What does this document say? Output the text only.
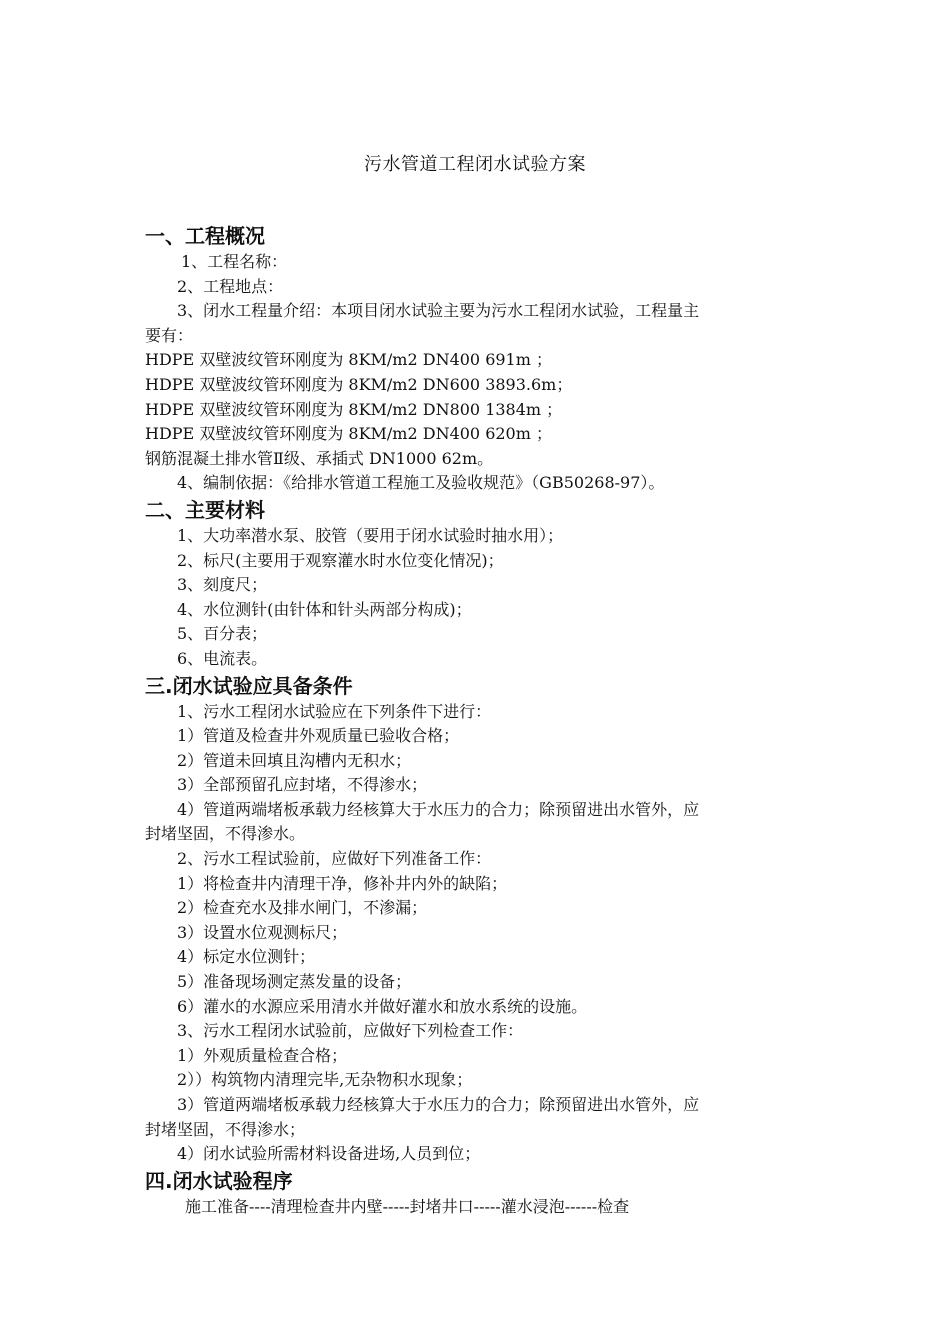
污水管道工程闭水试验方案
一、工程概况
1、工程名称：
2、工程地点：
3、闭水工程量介绍：本项目闭水试验主要为污水工程闭水试验，工程量主
要有：
HDPE 双壁波纹管环刚度为 8KM/m2 DN400 691m ；
HDPE 双壁波纹管环刚度为 8KM/m2 DN600 3893.6m；
HDPE 双壁波纹管环刚度为 8KM/m2 DN800 1384m ；
HDPE 双壁波纹管环刚度为 8KM/m2 DN400 620m ；
钢筋混凝土排水管Ⅱ级、承插式 DN1000 62m。
4、编制依据：《给排水管道工程施工及验收规范》（GB50268-97）。
二、主要材料
1、大功率潜水泵、胶管（要用于闭水试验时抽水用）；
2、标尺(主要用于观察灌水时水位变化情况)；
3、刻度尺；
4、水位测针(由针体和针头两部分构成)；
5、百分表；
6、电流表。
三.闭水试验应具备条件
1、污水工程闭水试验应在下列条件下进行：
1）管道及检查井外观质量已验收合格；
2）管道未回填且沟槽内无积水；
3）全部预留孔应封堵，不得渗水；
4）管道两端堵板承载力经核算大于水压力的合力；除预留进出水管外，应
封堵坚固，不得渗水。
2、污水工程试验前，应做好下列准备工作：
1）将检查井内清理干净，修补井内外的缺陷；
2）检查充水及排水闸门，不渗漏；
3）设置水位观测标尺；
4）标定水位测针；
5）准备现场测定蒸发量的设备；
6）灌水的水源应采用清水并做好灌水和放水系统的设施。
3、污水工程闭水试验前，应做好下列检查工作：
1）外观质量检查合格；
2））构筑物内清理完毕,无杂物积水现象；
3）管道两端堵板承载力经核算大于水压力的合力；除预留进出水管外，应
封堵坚固，不得渗水；
4）闭水试验所需材料设备进场,人员到位；
四.闭水试验程序
施工准备----清理检查井内壁-----封堵井口-----灌水浸泡------检查
